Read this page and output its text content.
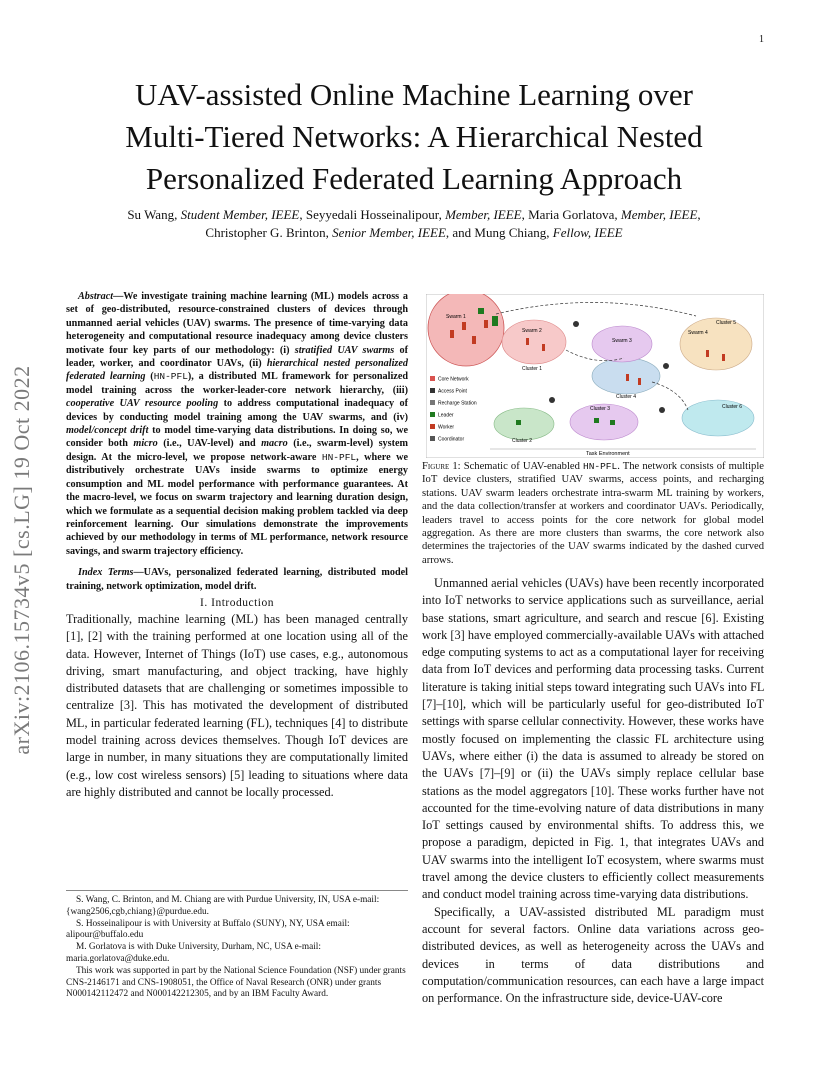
1
arXiv:2106.15734v5 [cs.LG] 19 Oct 2022
UAV-assisted Online Machine Learning over
Multi-Tiered Networks: A Hierarchical Nested
Personalized Federated Learning Approach
Su Wang, Student Member, IEEE, Seyyedali Hosseinalipour, Member, IEEE, Maria Gorlatova, Member, IEEE,
Christopher G. Brinton, Senior Member, IEEE, and Mung Chiang, Fellow, IEEE

Abstract—We investigate training machine learning (ML) models across a set of geo-distributed, resource-constrained clusters of devices through unmanned aerial vehicles (UAV) swarms. The presence of time-varying data heterogeneity and computational resource inadequacy among device clusters motivate four key parts of our methodology: (i) stratified UAV swarms of leader, worker, and coordinator UAVs, (ii) hierarchical nested personalized federated learning (HN-PFL), a distributed ML framework for personalized model training across the worker-leader-core network hierarchy, (iii) cooperative UAV resource pooling to address computational inadequacy of devices by conducting model training among the UAV swarms, and (iv) model/concept drift to model time-varying data distributions. In doing so, we consider both micro (i.e., UAV-level) and macro (i.e., swarm-level) system design. At the micro-level, we propose network-aware HN-PFL, where we distributively orchestrate UAVs inside swarms to optimize energy consumption and ML model performance with performance guarantees. At the macro-level, we focus on swarm trajectory and learning duration design, which we formulate as a sequential decision making problem tackled via deep reinforcement learning. Our simulations demonstrate the improvements achieved by our methodology in terms of ML performance, network resource savings, and swarm trajectory efficiency.

Index Terms—UAVs, personalized federated learning, distributed model training, network optimization, model drift.

I. Introduction

Traditionally, machine learning (ML) has been managed centrally [1], [2] with the training performed at one location using all of the data. However, Internet of Things (IoT) use cases, e.g., autonomous driving, smart manufacturing, and object tracking, have highly distributed datasets that are challenging or sometimes impossible to centralize [3]. This has motivated the development of distributed ML, in particular federated learning (FL), techniques [4] to distribute model training across devices themselves. Though IoT devices are large in number, in many situations they are computationally limited (e.g., low cost wireless sensors) [5] leading to situations where data are highly distributed and cannot be locally processed.

S. Wang, C. Brinton, and M. Chiang are with Purdue University, IN, USA e-mail: {wang2506,cgb,chiang}@purdue.edu.

S. Hosseinalipour is with University at Buffalo (SUNY), NY, USA email: alipour@buffalo.edu

M. Gorlatova is with Duke University, Durham, NC, USA e-mail: maria.gorlatova@duke.edu.

This work was supported in part by the National Science Foundation (NSF) under grants CNS-2146171 and CNS-1908051, the Office of Naval Research (ONR) under grants N000142112472 and N000142212305, and by an IBM Faculty Award.

Swarm 1
Cluster 1
Cluster 2
Cluster 3
Cluster 4
Swarm 3
Cluster 5
Cluster 6
Swarm 2	Swarm 4
Core Network
Access Point
Recharge Station
Leader
Worker
Coordinator
Task Environment
Figure 1: Schematic of UAV-enabled HN-PFL. The network consists of multiple IoT device clusters, stratified UAV swarms, access points, and recharging stations. UAV swarm leaders orchestrate intra-swarm ML training by workers, and the data collection/transfer at workers and coordinator UAVs. Periodically, leaders travel to access points for the core network for global model aggregation. As there are more clusters than swarms, the core network also determines the trajectories of the UAV swarms indicated by the dashed curved arrows.

Unmanned aerial vehicles (UAVs) have been recently incorporated into IoT networks to service applications such as surveillance, aerial base stations, smart agriculture, and search and rescue [6]. Existing work [3] have employed commercially-available UAVs with attached edge computing systems to act as a computational layer for receiving data from IoT devices and performing data processing tasks. Current literature is taking initial steps toward integrating such UAVs into FL [7]–[10], which will be particularly useful for geo-distributed IoT settings with sparse cellular connectivity. However, these works have mostly focused on implementing the classic FL architecture using UAVs, where either (i) the data is assumed to already be stored on the UAVs [7]–[9] or (ii) the UAVs simply replace cellular base stations as the model aggregators [10]. These works further have not accounted for the time-evolving nature of data distributions in many IoT settings caused by environmental shifts. To address this, we propose a paradigm, depicted in Fig. 1, that integrates UAVs and UAV swarms into the intelligent IoT ecosystem, where swarms must travel among the device clusters to efficiently collect measurements and conduct model training across time-varying data distributions.

Specifically, a UAV-assisted distributed ML paradigm must account for several factors. Online data variations across geo-distributed devices, as well as heterogeneity across the UAVs and devices in terms of data distributions and computation/communication resources, can each have a large impact on performance. On the infrastructure side, device-UAV-core
